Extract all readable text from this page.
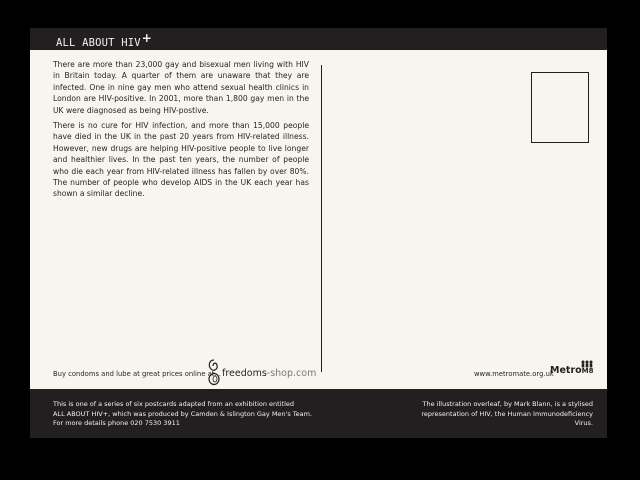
ALL ABOUT HIV+

There are more than 23,000 gay and bisexual men living with HIV in Britain today. A quarter of them are unaware that they are infected. One in nine gay men who attend sexual health clinics in London are HIV-positive. In 2001, more than 1,800 gay men in the UK were diagnosed as being HIV-postive.

There is no cure for HIV infection, and more than 15,000 people have died in the UK in the past 20 years from HIV-related illness. However, new drugs are helping HIV-positive people to live longer and healthier lives. In the past ten years, the number of people who die each year from HIV-related illness has fallen by over 80%. The number of people who develop AIDS in the UK each year has shown a similar decline.

Buy condoms and lube at great prices online at... freedoms-shop.com	www.metromate.org.uk
MetroM8
This is one of a series of six postcards adapted from an exhibition entitled
ALL ABOUT HIV+, which was produced by Camden & Islington Gay Men's Team.
For more details phone 020 7530 3911
The illustration overleaf, by Mark Blann, is a stylised
representation of HIV, the Human Immunodeficiency Virus.
